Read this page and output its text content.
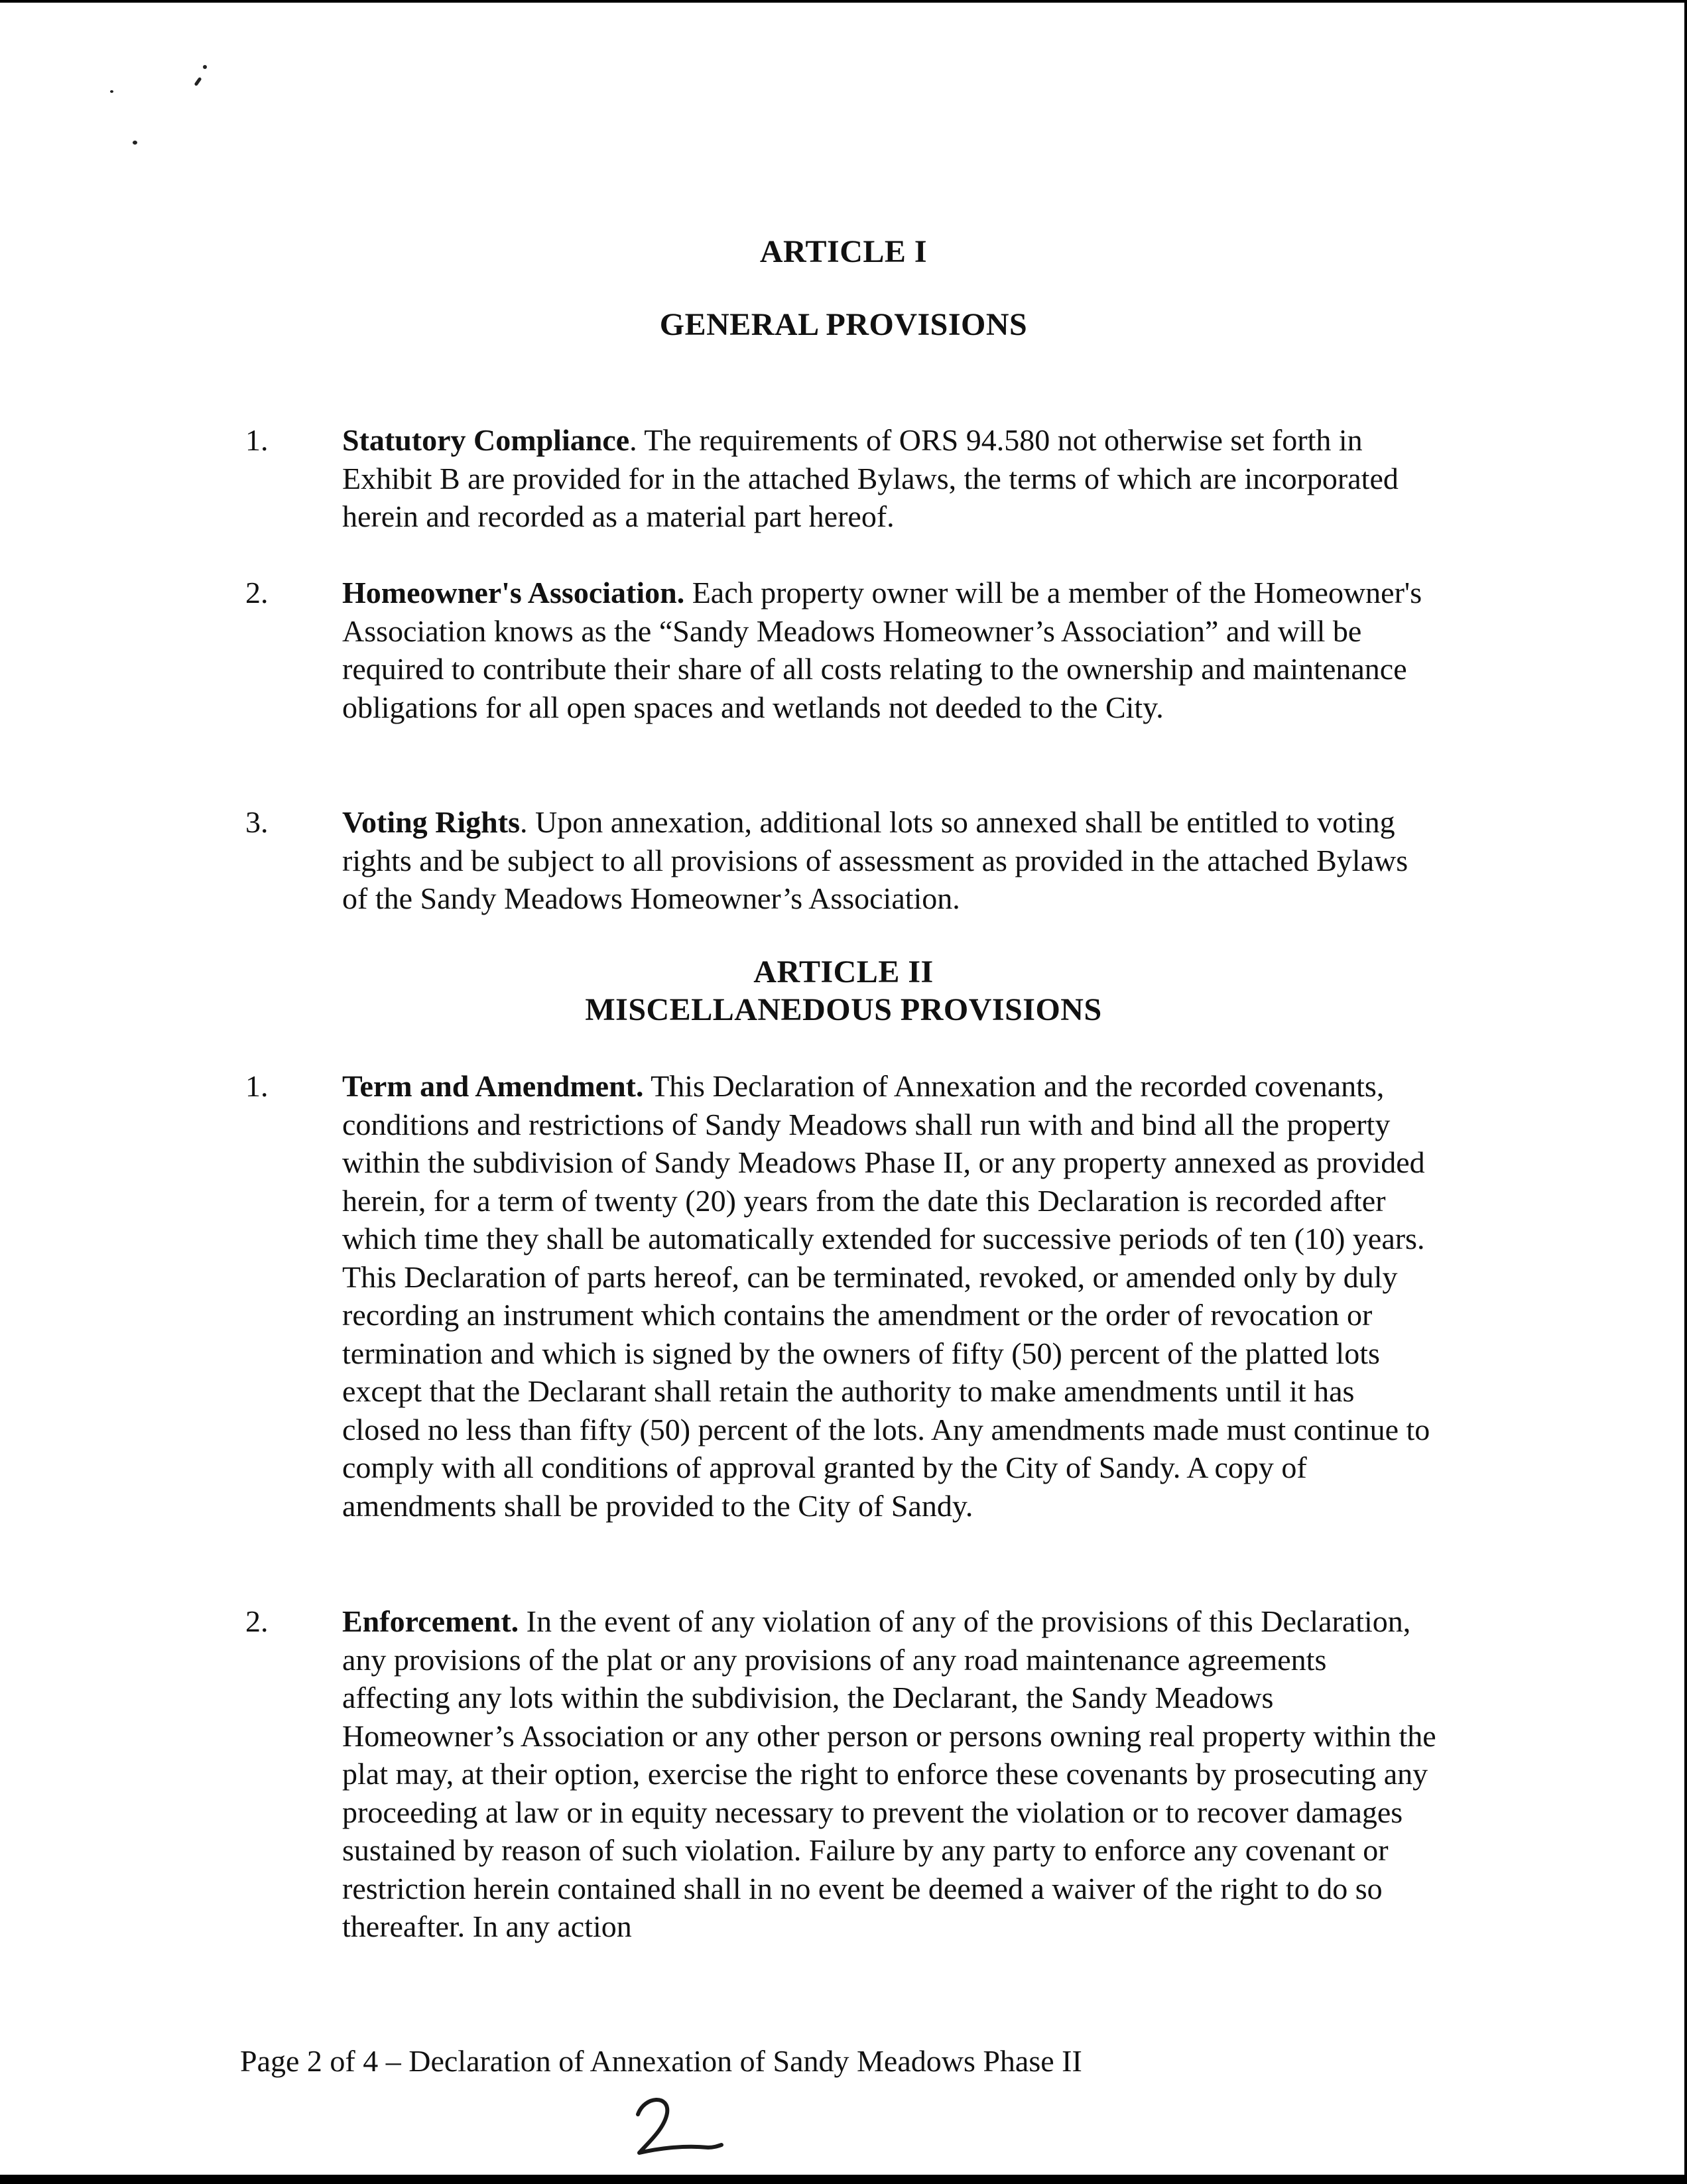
ARTICLE I
GENERAL PROVISIONS
1. Statutory Compliance. The requirements of ORS 94.580 not otherwise set forth in Exhibit B are provided for in the attached Bylaws, the terms of which are incorporated herein and recorded as a material part hereof.
2. Homeowner's Association. Each property owner will be a member of the Homeowner's Association knows as the “Sandy Meadows Homeowner’s Association” and will be required to contribute their share of all costs relating to the ownership and maintenance obligations for all open spaces and wetlands not deeded to the City.
3. Voting Rights. Upon annexation, additional lots so annexed shall be entitled to voting rights and be subject to all provisions of assessment as provided in the attached Bylaws of the Sandy Meadows Homeowner’s Association.
ARTICLE II
MISCELLANEDOUS PROVISIONS
1. Term and Amendment. This Declaration of Annexation and the recorded covenants, conditions and restrictions of Sandy Meadows shall run with and bind all the property within the subdivision of Sandy Meadows Phase II, or any property annexed as provided herein, for a term of twenty (20) years from the date this Declaration is recorded after which time they shall be automatically extended for successive periods of ten (10) years. This Declaration of parts hereof, can be terminated, revoked, or amended only by duly recording an instrument which contains the amendment or the order of revocation or termination and which is signed by the owners of fifty (50) percent of the platted lots except that the Declarant shall retain the authority to make amendments until it has closed no less than fifty (50) percent of the lots. Any amendments made must continue to comply with all conditions of approval granted by the City of Sandy. A copy of amendments shall be provided to the City of Sandy.
2. Enforcement. In the event of any violation of any of the provisions of this Declaration, any provisions of the plat or any provisions of any road maintenance agreements affecting any lots within the subdivision, the Declarant, the Sandy Meadows Homeowner’s Association or any other person or persons owning real property within the plat may, at their option, exercise the right to enforce these covenants by prosecuting any proceeding at law or in equity necessary to prevent the violation or to recover damages sustained by reason of such violation. Failure by any party to enforce any covenant or restriction herein contained shall in no event be deemed a waiver of the right to do so thereafter. In any action
Page 2 of 4 – Declaration of Annexation of Sandy Meadows Phase II
